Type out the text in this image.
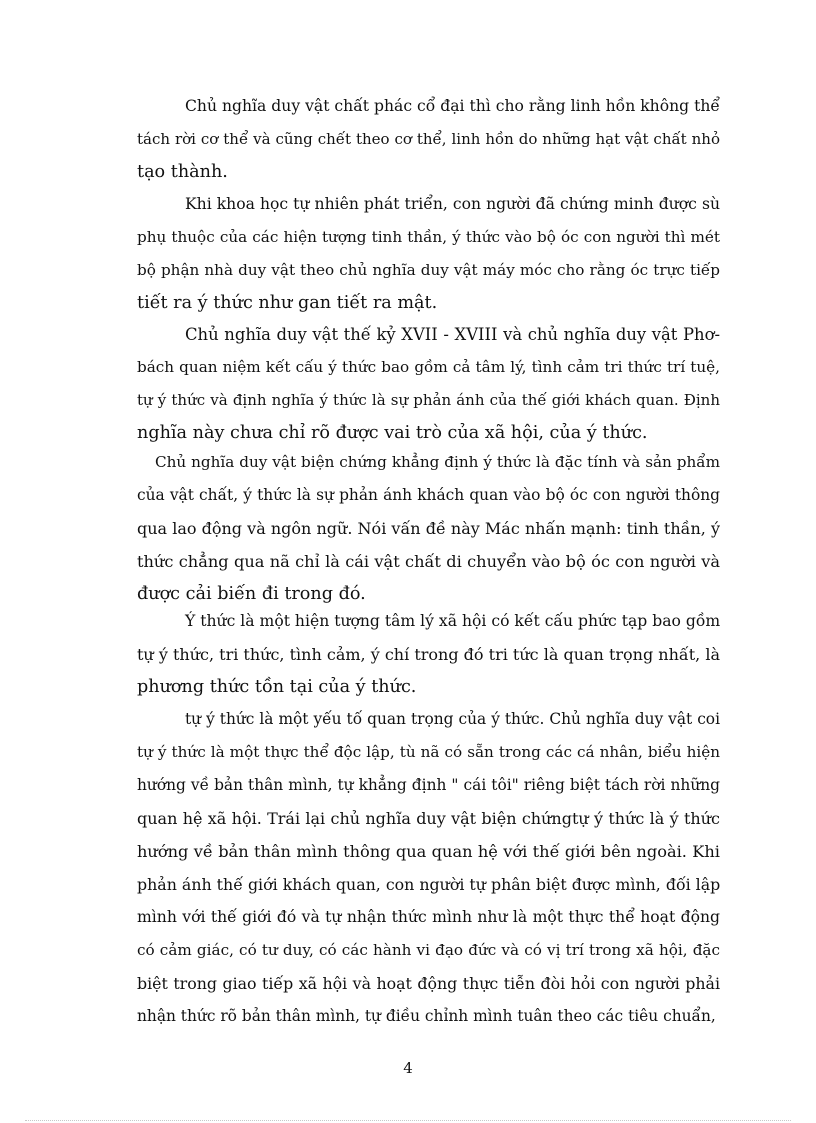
Chủ nghĩa duy vật chất phác cổ đại thì cho rằng linh hồn không thể
tách rời cơ thể và cũng chết theo cơ thể, linh hồn do những hạt vật chất nhỏ
tạo thành.
Khi khoa học tự nhiên phát triển, con người đã chứng minh được sù
phụ thuộc của các hiện tượng tinh thần, ý thức vào bộ óc con người thì mét
bộ phận nhà duy vật theo chủ nghĩa duy vật máy móc cho rằng óc trực tiếp
tiết ra ý thức như gan tiết ra mật.
Chủ nghĩa duy vật thế kỷ XVII - XVIII và chủ nghĩa duy vật Phơ-
bách quan niệm kết cấu ý thức bao gồm cả tâm lý, tình cảm tri thức trí tuệ,
tự ý thức và định nghĩa ý thức là sự phản ánh của thế giới khách quan. Định
nghĩa này chưa chỉ rõ được vai trò của xã hội, của ý thức.
Chủ nghĩa duy vật biện chứng khẳng định ý thức là đặc tính và sản phẩm
của vật chất, ý thức là sự phản ánh khách quan vào bộ óc con người thông
qua lao động và ngôn ngữ. Nói vấn đề này Mác nhấn mạnh: tinh thần, ý
thức chẳng qua nã chỉ là cái vật chất di chuyển vào bộ óc con người và
được cải biến đi trong đó.
Ý thức là một hiện tượng tâm lý xã hội có kết cấu phức tạp bao gồm
tự ý thức, tri thức, tình cảm, ý chí trong đó tri tức là quan trọng nhất, là
phương thức tồn tại của ý thức.
tự ý thức là một yếu tố quan trọng của ý thức. Chủ nghĩa duy vật coi
tự ý thức là một thực thể độc lập, tù nã có sẵn trong các cá nhân, biểu hiện
hướng về bản thân mình, tự khẳng định " cái tôi" riêng biệt tách rời những
quan hệ xã hội. Trái lại chủ nghĩa duy vật biện chứngtự ý thức là ý thức
hướng về bản thân mình thông qua quan hệ với thế giới bên ngoài. Khi
phản ánh thế giới khách quan, con người tự phân biệt được mình, đối lập
mình với thế giới đó và tự nhận thức mình như là một thực thể hoạt động
có cảm giác, có tư duy, có các hành vi đạo đức và có vị trí trong xã hội, đặc
biệt trong giao tiếp xã hội và hoạt động thực tiễn đòi hỏi con người phải
nhận thức rõ bản thân mình, tự điều chỉnh mình tuân theo các tiêu chuẩn,
4
